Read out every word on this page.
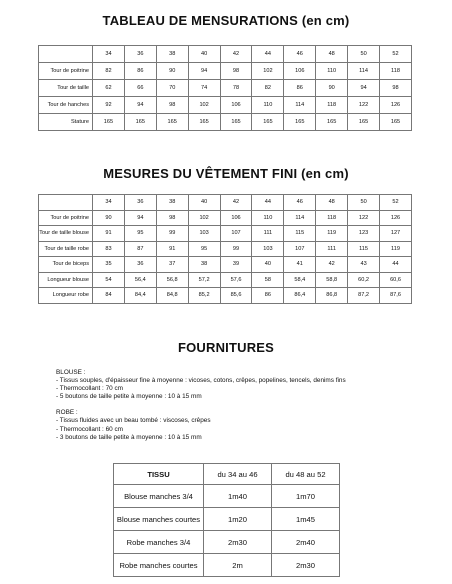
TABLEAU DE MENSURATIONS (en cm)
	34	36	38	40	42	44	46	48	50	52
Tour de poitrine	82	86	90	94	98	102	106	110	114	118
Tour de taille	62	66	70	74	78	82	86	90	94	98
Tour de hanches	92	94	98	102	106	110	114	118	122	126
Stature	165	165	165	165	165	165	165	165	165	165
MESURES DU VÊTEMENT FINI (en cm)
	34	36	38	40	42	44	46	48	50	52
Tour de poitrine	90	94	98	102	106	110	114	118	122	126
Tour de taille blouse	91	95	99	103	107	111	115	119	123	127
Tour de taille robe	83	87	91	95	99	103	107	111	115	119
Tour de biceps	35	36	37	38	39	40	41	42	43	44
Longueur blouse	54	56,4	56,8	57,2	57,6	58	58,4	58,8	60,2	60,6
Longueur robe	84	84,4	84,8	85,2	85,6	86	86,4	86,8	87,2	87,6
FOURNITURES

BLOUSE :

- Tissus souples, d'épaisseur fine à moyenne : vicoses, cotons, crêpes, popelines, tencels, denims fins

- Thermocollant : 70 cm

- 5 boutons de taille petite à moyenne : 10 à 15 mm

ROBE :

- Tissus fluides avec un beau tombé : viscoses, crêpes

- Thermocollant : 60 cm

- 3 boutons de taille petite à moyenne : 10 à 15 mm

TISSU	du 34 au 46	du 48 au 52
Blouse manches 3/4	1m40	1m70
Blouse manches courtes	1m20	1m45
Robe manches 3/4	2m30	2m40
Robe manches courtes	2m	2m30
